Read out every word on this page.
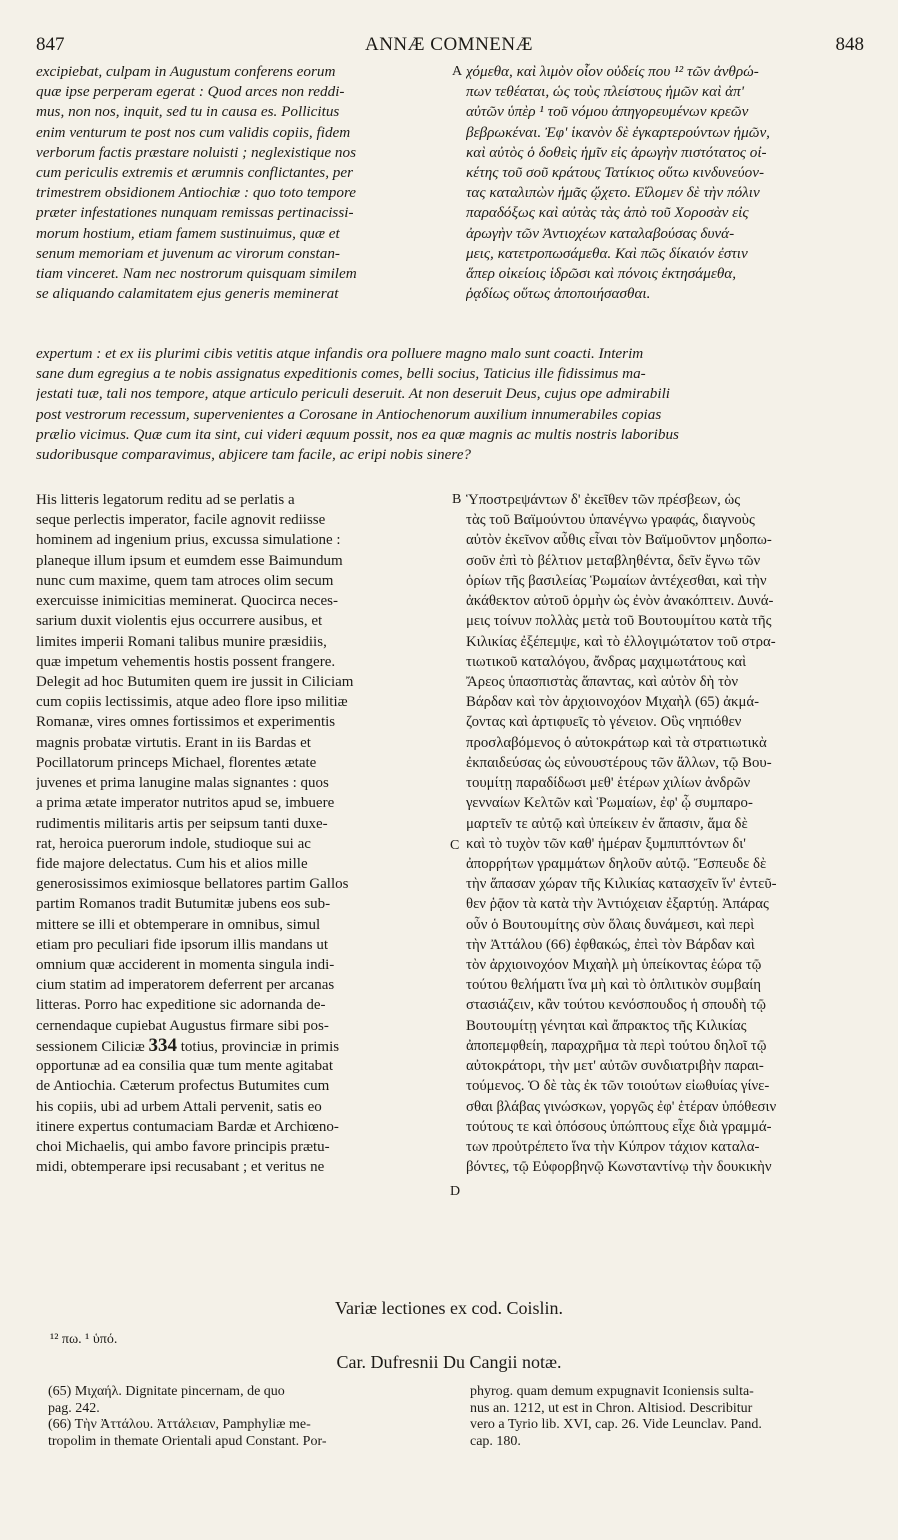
847	ANNÆ COMNENÆ	848
excipiebat, culpam in Augustum conferens eorum
quæ ipse perperam egerat : Quod arces non reddi-
mus, non nos, inquit, sed tu in causa es. Pollicitus
enim venturum te post nos cum validis copiis, fidem
verborum factis præstare noluisti ; neglexistique nos
cum periculis extremis et ærumnis conflictantes, per
trimestrem obsidionem Antiochiæ : quo toto tempore
præter infestationes nunquam remissas pertinacissi-
morum hostium, etiam famem sustinuimus, quæ et
senum memoriam et juvenum ac virorum constan-
tiam vinceret. Nam nec nostrorum quisquam similem
se aliquando calamitatem ejus generis meminerat
A χόμεθα, καὶ λιμὸν οἷον οὐδείς που ¹² τῶν ἀνθρώ-
πων τεθέαται, ὡς τοὺς πλείστους ἡμῶν καὶ ἀπ'
αὐτῶν ὑπὲρ ¹ τοῦ νόμου ἀπηγορευμένων κρεῶν
βεβρωκέναι. Ἐφ' ἱκανὸν δὲ ἐγκαρτερούντων ἡμῶν,
καὶ αὐτὸς ὁ δοθεὶς ἡμῖν εἰς ἀρωγὴν πιστότατος οἰ-
κέτης τοῦ σοῦ κράτους Τατίκιος οὕτω κινδυνεύον-
τας καταλιπὼν ἡμᾶς ᾤχετο. Εἵλομεν δὲ τὴν πόλιν
παραδόξως καὶ αὐτὰς τὰς ἀπὸ τοῦ Χοροσὰν εἰς
ἀρωγὴν τῶν Ἀντιοχέων καταλαβούσας δυνά-
μεις, κατετροπωσάμεθα. Καὶ πῶς δίκαιόν ἐστιν
ἅπερ οἰκείοις ἱδρῶσι καὶ πόνοις ἐκτησάμεθα,
ῥᾳδίως οὕτως ἀποποιήσασθαι.
expertum : et ex iis plurimi cibis vetitis atque infandis ora polluere magno malo sunt coacti. Interim
sane dum egregius a te nobis assignatus expeditionis comes, belli socius, Taticius ille fidissimus ma-
jestati tuæ, tali nos tempore, atque articulo periculi deseruit. At non deseruit Deus, cujus ope admirabili
post vestrorum recessum, supervenientes a Corosane in Antiochenorum auxilium innumerabiles copias
prælio vicimus. Quæ cum ita sint, cui videri æquum possit, nos ea quæ magnis ac multis nostris laboribus
sudoribusque comparavimus, abjicere tam facile, ac eripi nobis sinere?
His litteris legatorum reditu ad se perlatis a
seque perlectis imperator, facile agnovit rediisse
hominem ad ingenium prius, excussa simulatione :
planeque illum ipsum et eumdem esse Baimundum
nunc cum maxime, quem tam atroces olim secum
exercuisse inimicitias meminerat. Quocirca neces-
sarium duxit violentis ejus occurrere ausibus, et
limites imperii Romani talibus munire præsidiis,
quæ impetum vehementis hostis possent frangere.
Delegit ad hoc Butumiten quem ire jussit in Ciliciam
cum copiis lectissimis, atque adeo flore ipso militiæ
Romanæ, vires omnes fortissimos et experimentis
magnis probatæ virtutis. Erant in iis Bardas et
Pocillatorum princeps Michael, florentes ætate
juvenes et prima lanugine malas signantes : quos
a prima ætate imperator nutritos apud se, imbuere
rudimentis militaris artis per seipsum tanti duxe-
rat, heroica puerorum indole, studioque sui ac
fide majore delectatus. Cum his et alios mille
generosissimos eximiosque bellatores partim Gallos
partim Romanos tradit Butumitæ jubens eos sub-
mittere se illi et obtemperare in omnibus, simul
etiam pro peculiari fide ipsorum illis mandans ut
omnium quæ acciderent in momenta singula indi-
cium statim ad imperatorem deferrent per arcanas
litteras. Porro hac expeditione sic adornanda de-
cernendaque cupiebat Augustus firmare sibi pos-
sessionem Ciliciæ 334 totius, provinciæ in primis
opportunæ ad ea consilia quæ tum mente agitabat
de Antiochia. Cæterum profectus Butumites cum
his copiis, ubi ad urbem Attali pervenit, satis eo
itinere expertus contumaciam Bardæ et Archiœno-
choi Michaelis, qui ambo favore principis prætu-
midi, obtemperare ipsi recusabant ; et veritus ne
B
C
D
Ὑποστρεψάντων δ' ἐκεῖθεν τῶν πρέσβεων, ὡς
τὰς τοῦ Βαϊμούντου ὑπανέγνω γραφάς, διαγνοὺς
αὐτὸν ἐκεῖνον αὖθις εἶναι τὸν Βαϊμοῦντον μηδοπω-
σοῦν ἐπὶ τὸ βέλτιον μεταβληθέντα, δεῖν ἔγνω τῶν
ὁρίων τῆς βασιλείας Ῥωμαίων ἀντέχεσθαι, καὶ τὴν
ἀκάθεκτον αὐτοῦ ὁρμὴν ὡς ἐνὸν ἀνακόπτειν. Δυνά-
μεις τοίνυν πολλὰς μετὰ τοῦ Βουτουμίτου κατὰ τῆς
Κιλικίας ἐξέπεμψε, καὶ τὸ ἐλλογιμώτατον τοῦ στρα-
τιωτικοῦ καταλόγου, ἄνδρας μαχιμωτάτους καὶ
Ἄρεος ὑπασπιστὰς ἅπαντας, καὶ αὐτὸν δὴ τὸν
Βάρδαν καὶ τὸν ἀρχιοινοχόον Μιχαὴλ (65) ἀκμά-
ζοντας καὶ ἀρτιφυεῖς τὸ γένειον. Οὓς νηπιόθεν
προσλαβόμενος ὁ αὐτοκράτωρ καὶ τὰ στρατιωτικὰ
ἐκπαιδεύσας ὡς εὐνουστέρους τῶν ἄλλων, τῷ Βου-
τουμίτῃ παραδίδωσι μεθ' ἑτέρων χιλίων ἀνδρῶν
γενναίων Κελτῶν καὶ Ῥωμαίων, ἐφ' ᾧ συμπαρο-
μαρτεῖν τε αὐτῷ καὶ ὑπείκειν ἐν ἅπασιν, ἅμα δὲ
καὶ τὸ τυχὸν τῶν καθ' ἡμέραν ξυμπιπτόντων δι'
ἀπορρήτων γραμμάτων δηλοῦν αὐτῷ. Ἔσπευδε δὲ
τὴν ἅπασαν χώραν τῆς Κιλικίας κατασχεῖν ἵν' ἐντεῦ-
θεν ῥᾷον τὰ κατὰ τὴν Ἀντιόχειαν ἐξαρτύῃ. Ἀπάρας
οὖν ὁ Βουτουμίτης σὺν ὅλαις δυνάμεσι, καὶ περὶ
τὴν Ἀττάλου (66) ἐφθακώς, ἐπεὶ τὸν Βάρδαν καὶ
τὸν ἀρχιοινοχόον Μιχαὴλ μὴ ὑπείκοντας ἑώρα τῷ
τούτου θελήματι ἵνα μὴ καὶ τὸ ὁπλιτικὸν συμβαίη
στασιάζειν, κἂν τούτου κενόσπουδος ἡ σπουδὴ τῷ
Βουτουμίτῃ γένηται καὶ ἄπρακτος τῆς Κιλικίας
ἀποπεμφθείη, παραχρῆμα τὰ περὶ τούτου δηλοῖ τῷ
αὐτοκράτορι, τὴν μετ' αὐτῶν συνδιατριβὴν παραι-
τούμενος. Ὁ δὲ τὰς ἐκ τῶν τοιούτων εἰωθυίας γίνε-
σθαι βλάβας γινώσκων, γοργῶς ἐφ' ἑτέραν ὑπόθεσιν
τούτους τε καὶ ὁπόσους ὑπώπτους εἶχε διὰ γραμμά-
των προὐτρέπετο ἵνα τὴν Κύπρον τάχιον καταλα-
βόντες, τῷ Εὐφορβηνῷ Κωνσταντίνῳ τὴν δουκικὴν
Variæ lectiones ex cod. Coislin.
¹² πω. ¹ ὑπό.
Car. Dufresnii Du Cangii notæ.
(65) Μιχαήλ. Dignitate pincernam, de quo
pag. 242.
(66) Τὴν Ἀττάλου. Ἀττάλειαν, Pamphyliæ me-
tropolim in themate Orientali apud Constant. Por-
phyrog. quam demum expugnavit Iconiensis sulta-
nus an. 1212, ut est in Chron. Altisiod. Describitur
vero a Tyrio lib. XVI, cap. 26. Vide Leunclav. Pand.
cap. 180.
